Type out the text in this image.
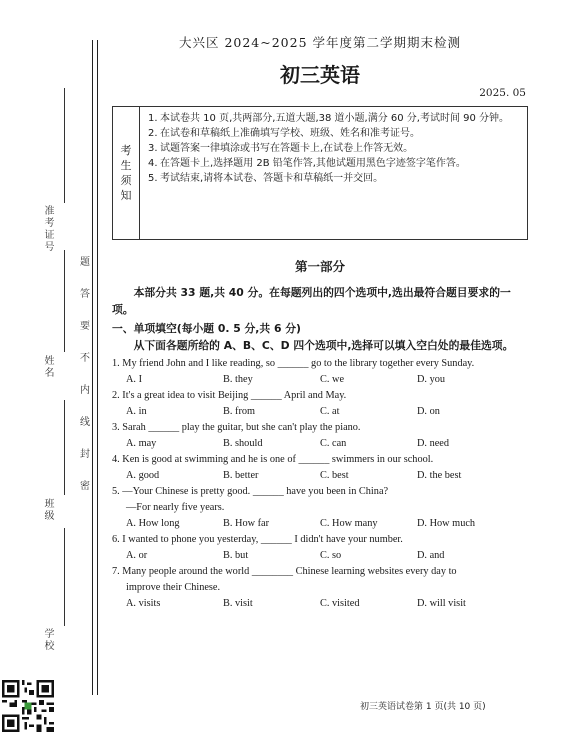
准考证号
姓名
班级
学校
题
答
要
不
内
线
封
密
大兴区 2024~2025 学年度第二学期期末检测
初三英语
2025. 05
考
生
须
知
1. 本试卷共 10 页,共两部分,五道大题,38 道小题,满分 60 分,考试时间 90 分钟。
2. 在试卷和草稿纸上准确填写学校、班级、姓名和准考证号。
3. 试题答案一律填涂或书写在答题卡上,在试卷上作答无效。
4. 在答题卡上,选择题用 2B 铅笔作答,其他试题用黑色字迹签字笔作答。
5. 考试结束,请将本试卷、答题卡和草稿纸一并交回。
第一部分
本部分共 33 题,共 40 分。在每题列出的四个选项中,选出最符合题目要求的一项。
一、单项填空(每小题 0. 5 分,共 6 分)
从下面各题所给的 A、B、C、D 四个选项中,选择可以填入空白处的最佳选项。
1. My friend John and I like reading, so ______ go to the library together every Sunday.
A. I	B. they	C. we	D. you
2. It's a great idea to visit Beijing ______ April and May.
A. in	B. from	C. at	D. on
3. Sarah ______ play the guitar, but she can't play the piano.
A. may	B. should	C. can	D. need
4. Ken is good at swimming and he is one of ______ swimmers in our school.
A. good	B. better	C. best	D. the best
5. —Your Chinese is pretty good. ______ have you been in China?
—For nearly five years.
A. How long	B. How far	C. How many	D. How much
6. I wanted to phone you yesterday, ______ I didn't have your number.
A. or	B. but	C. so	D. and
7. Many people around the world ________ Chinese learning websites every day to
improve their Chinese.
A. visits	B. visit	C. visited	D. will visit
初三英语试卷第 1 页(共 10 页)
